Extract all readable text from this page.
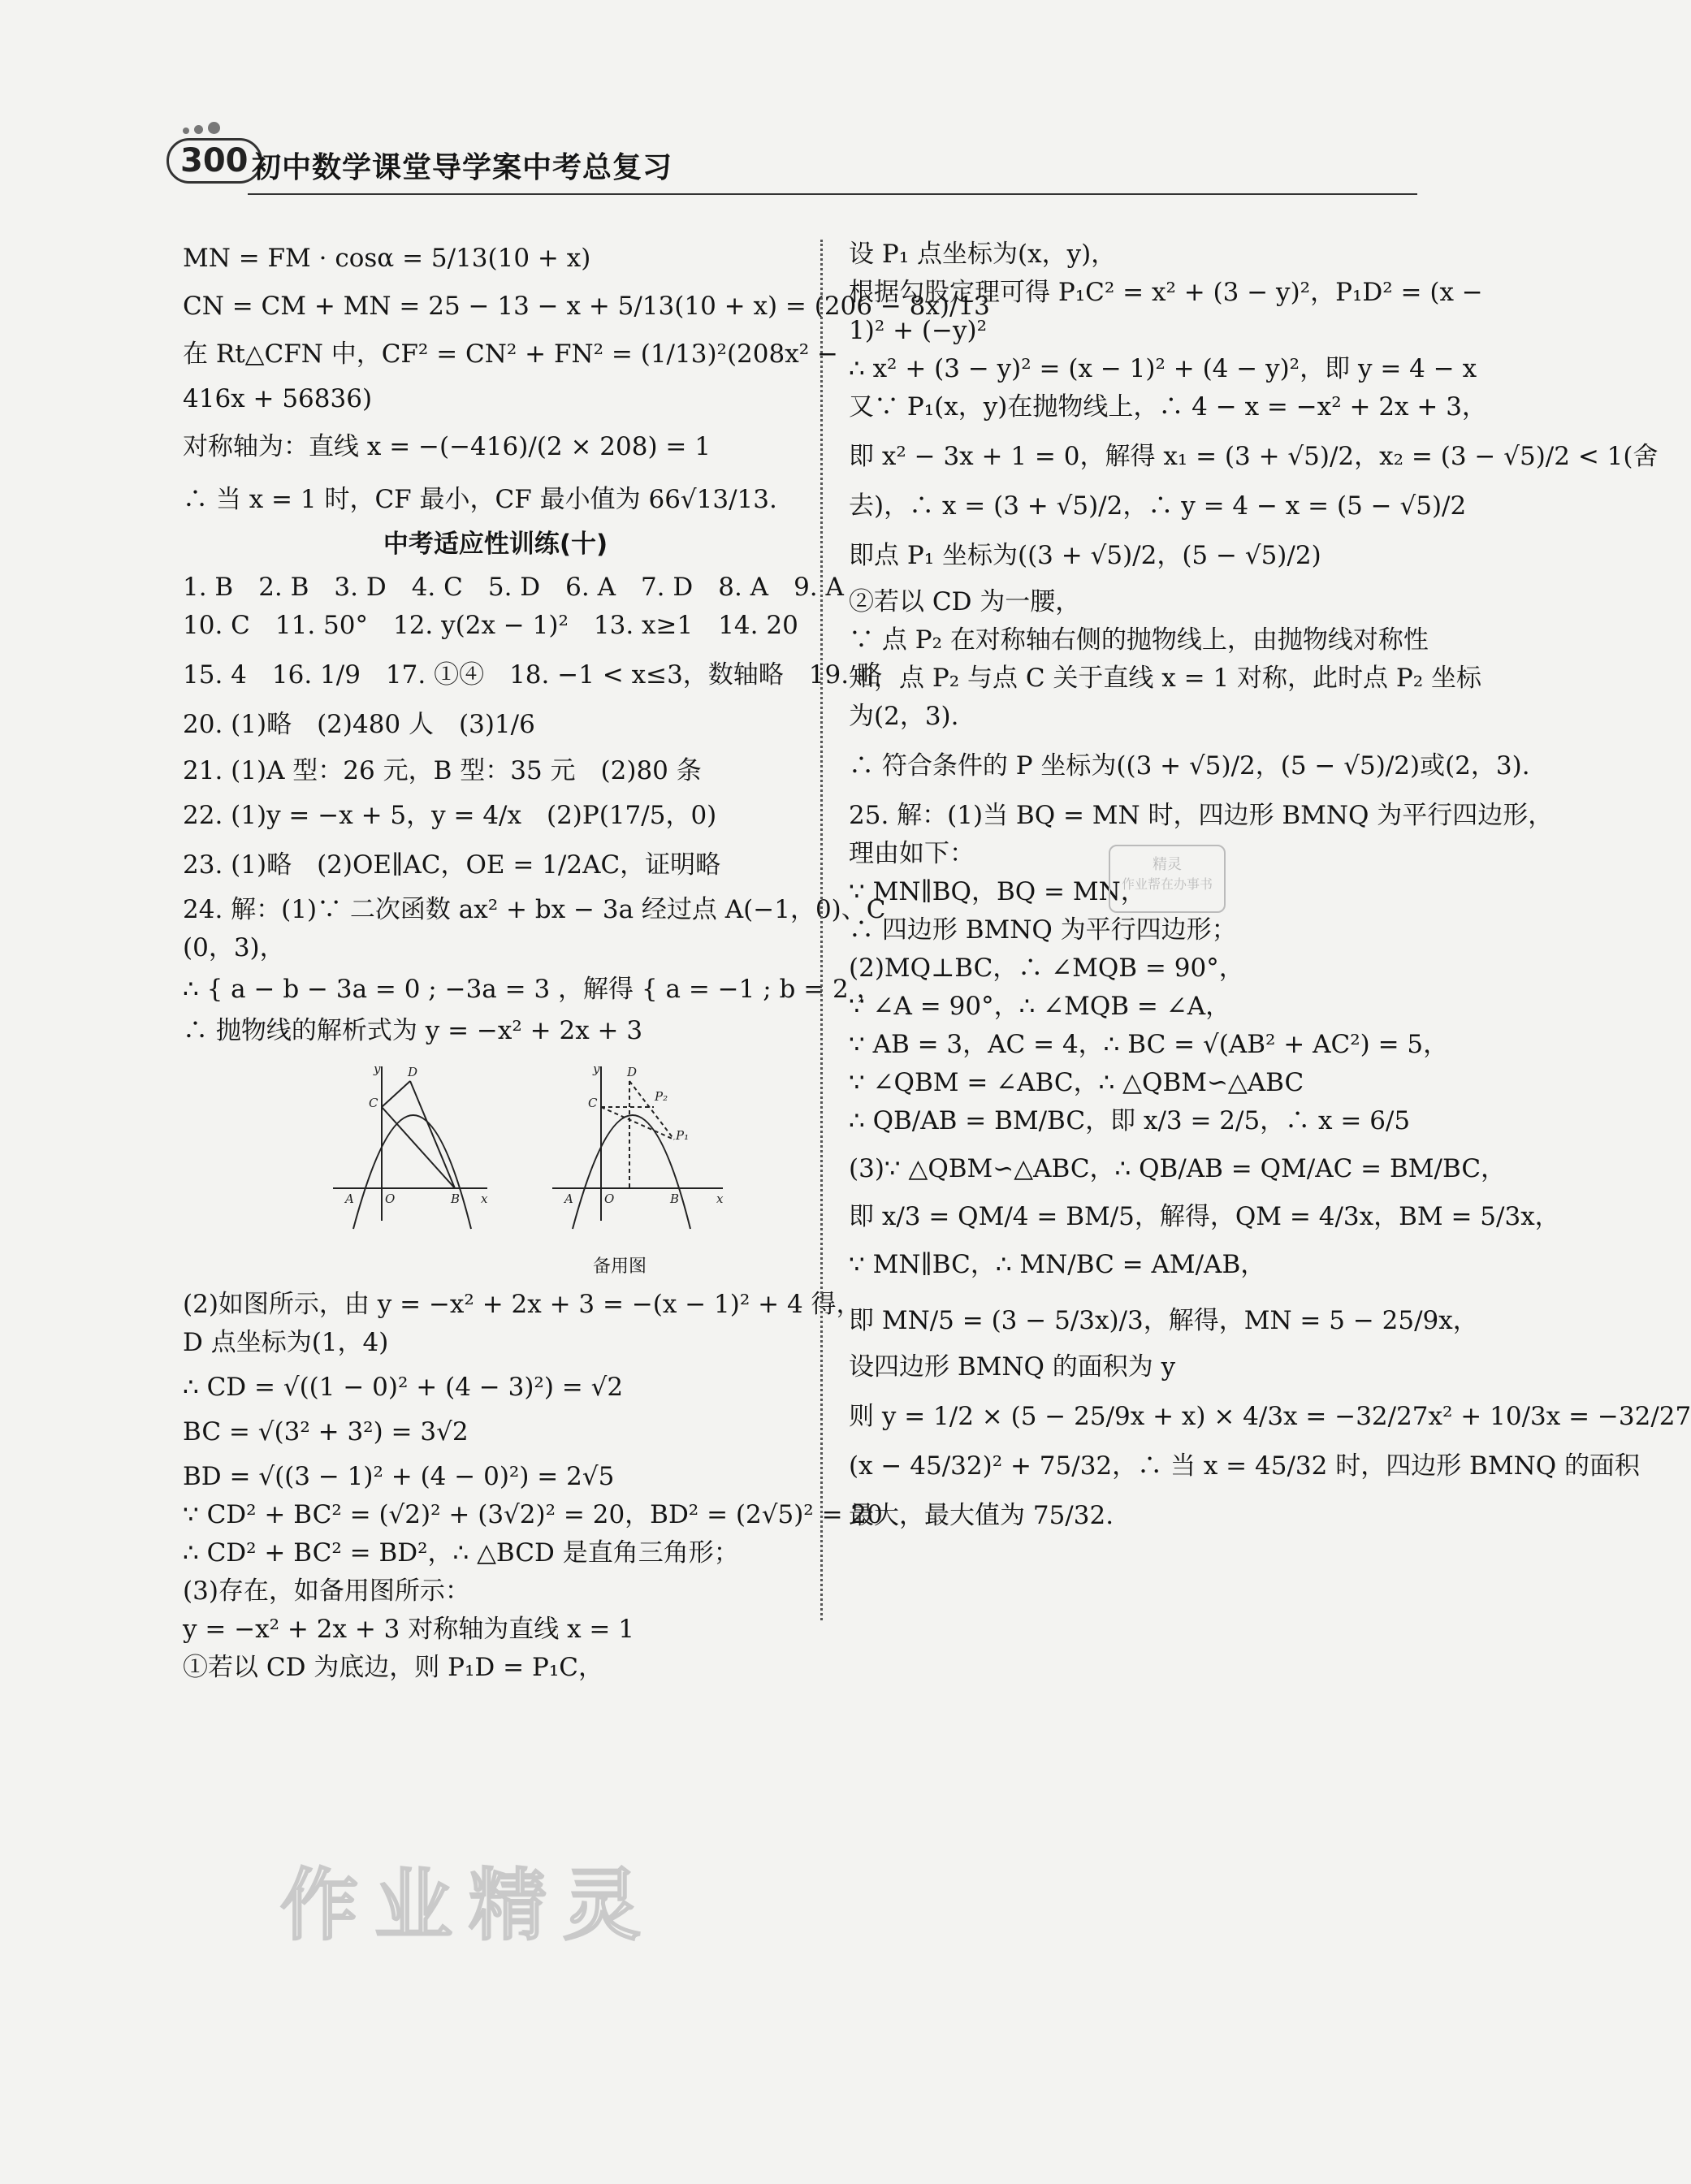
300 初中数学课堂导学案中考总复习
MN = FM · cosα = 5/13(10 + x)
CN = CM + MN = 25 − 13 − x + 5/13(10 + x) = (206 − 8x)/13
在 Rt△CFN 中，CF² = CN² + FN² = (1/13)²(208x² −
416x + 56836)
对称轴为：直线 x = −(−416)/(2 × 208) = 1
∴ 当 x = 1 时，CF 最小，CF 最小值为 66√13/13.
中考适应性训练(十)
1. B　2. B　3. D　4. C　5. D　6. A　7. D　8. A　9. A
10. C　11. 50°　12. y(2x − 1)²　13. x≥1　14. 20
15. 4　16. 1/9　17. ①④　18. −1 < x≤3，数轴略　19. 略
20. (1)略　(2)480 人　(3)1/6
21. (1)A 型：26 元，B 型：35 元　(2)80 条
22. (1)y = −x + 5，y = 4/x　(2)P(17/5，0)
23. (1)略　(2)OE∥AC，OE = 1/2AC，证明略
24. 解：(1)∵ 二次函数 ax² + bx − 3a 经过点 A(−1，0)、C
(0，3)，
∴ { a − b − 3a = 0 ; −3a = 3 ，解得 { a = −1 ; b = 2 ，
∴ 抛物线的解析式为 y = −x² + 2x + 3
y D
C
A	O	B x
y D
C	P₂
P₁
A	O	B	x
备用图
(2)如图所示，由 y = −x² + 2x + 3 = −(x − 1)² + 4 得，
D 点坐标为(1，4)
∴ CD = √((1 − 0)² + (4 − 3)²) = √2
BC = √(3² + 3²) = 3√2
BD = √((3 − 1)² + (4 − 0)²) = 2√5
∵ CD² + BC² = (√2)² + (3√2)² = 20，BD² = (2√5)² = 20
∴ CD² + BC² = BD²，∴ △BCD 是直角三角形；
(3)存在，如备用图所示：
y = −x² + 2x + 3 对称轴为直线 x = 1
①若以 CD 为底边，则 P₁D = P₁C，
设 P₁ 点坐标为(x，y)，
根据勾股定理可得 P₁C² = x² + (3 − y)²，P₁D² = (x −
1)² + (−y)²
∴ x² + (3 − y)² = (x − 1)² + (4 − y)²，即 y = 4 − x
又∵ P₁(x，y)在抛物线上，∴ 4 − x = −x² + 2x + 3，
即 x² − 3x + 1 = 0，解得 x₁ = (3 + √5)/2，x₂ = (3 − √5)/2 < 1(舍
去)，∴ x = (3 + √5)/2，∴ y = 4 − x = (5 − √5)/2
即点 P₁ 坐标为((3 + √5)/2，(5 − √5)/2)
②若以 CD 为一腰，
∵ 点 P₂ 在对称轴右侧的抛物线上，由抛物线对称性
知，点 P₂ 与点 C 关于直线 x = 1 对称，此时点 P₂ 坐标
为(2，3).
∴ 符合条件的 P 坐标为((3 + √5)/2，(5 − √5)/2)或(2，3).
25. 解：(1)当 BQ = MN 时，四边形 BMNQ 为平行四边形，
理由如下：
∵ MN∥BQ，BQ = MN，
∴ 四边形 BMNQ 为平行四边形；
(2)MQ⊥BC，∴ ∠MQB = 90°，
∵ ∠A = 90°，∴ ∠MQB = ∠A，
∵ AB = 3，AC = 4，∴ BC = √(AB² + AC²) = 5，
∵ ∠QBM = ∠ABC，∴ △QBM∽△ABC
∴ QB/AB = BM/BC，即 x/3 = 2/5，∴ x = 6/5
(3)∵ △QBM∽△ABC，∴ QB/AB = QM/AC = BM/BC，
即 x/3 = QM/4 = BM/5，解得，QM = 4/3x，BM = 5/3x，
∵ MN∥BC，∴ MN/BC = AM/AB，
即 MN/5 = (3 − 5/3x)/3，解得，MN = 5 − 25/9x，
设四边形 BMNQ 的面积为 y
则 y = 1/2 × (5 − 25/9x + x) × 4/3x = −32/27x² + 10/3x = −32/27
(x − 45/32)² + 75/32，∴ 当 x = 45/32 时，四边形 BMNQ 的面积
最大，最大值为 75/32.
精灵
作业帮在办事书
作业精灵
